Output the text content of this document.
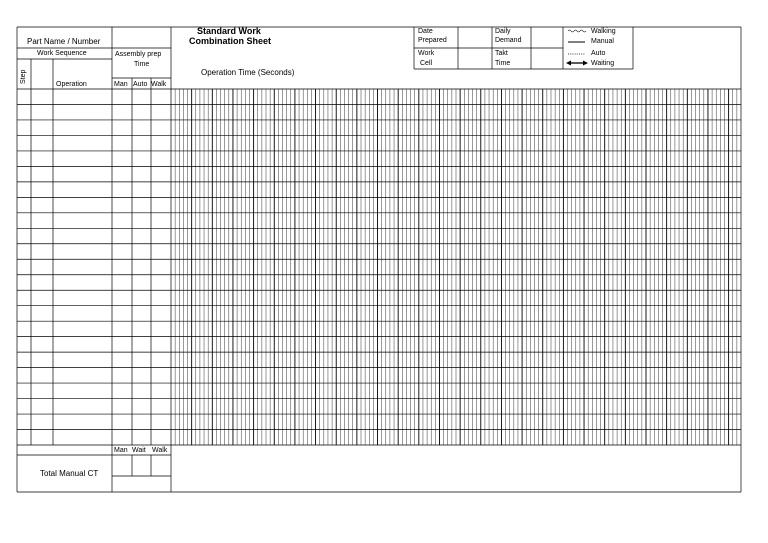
Standard Work
Combination Sheet
Part Name / Number
Work Sequence	Assembly prep
Time
Operation Time (Seconds)
Step
Operation	Man Auto Walk
Date
Prepared
Daily
Demand
Work
Cell
Takt
Time
Walking
Manual
Auto
Waiting
Man Wait Walk
Total Manual CT
